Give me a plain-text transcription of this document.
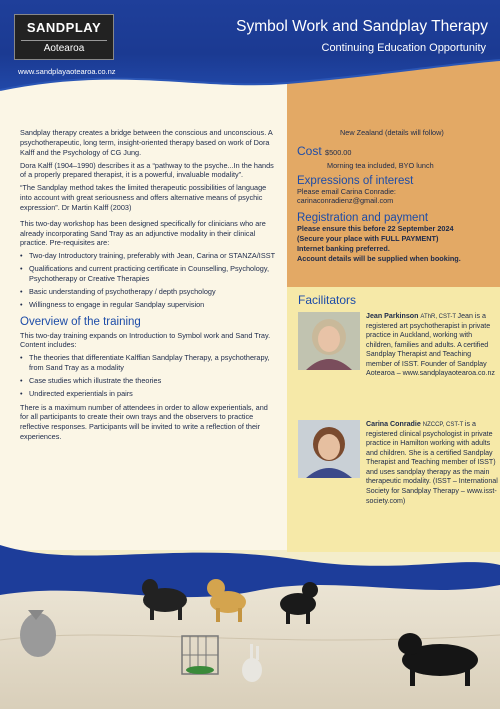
SANDPLAY
Aotearoa
www.sandplayaotearoa.co.nz
Symbol Work and Sandplay Therapy
Continuing Education Opportunity

Sandplay therapy creates a bridge between the conscious and unconscious. A psychotherapeutic, long term, insight-oriented therapy based on work of Dora Kalff and the Psychology of CG Jung.

Dora Kalff (1904–1990) describes it as a “pathway to the psyche...In the hands of a properly prepared therapist, it is a powerful, invaluable modality”.

“The Sandplay method takes the limited therapeutic possibilities of language into account with great seriousness and offers alternative means of psychic expression”. Dr Martin Kalff (2003)

This two-day workshop has been designed specifically for clinicians who are already incorporating Sand Tray as an adjunctive modality in their clinical practice. Pre-requisites are:

• Two-day Introductory training, preferably with Jean, Carina or STANZA/ISST
• Qualifications and current practicing certificate in Counselling, Psychology, Psychotherapy or Creative Therapies
• Basic understanding of psychotherapy / depth psychology
• Willingness to engage in regular Sandplay supervision
Overview of the training

This two-day training expands on Introduction to Symbol work and Sand Tray. Content includes:

• The theories that differentiate Kalffian Sandplay Therapy, a psychotherapy, from Sand Tray as a modality
• Case studies which illustrate the theories
• Undirected experientials in pairs

There is a maximum number of attendees in order to allow experientials, and for all participants to create their own trays and the observers to practice reflective responses. Participants will be invited to write a reflection of their experiences.

New Zealand (details will follow)
Cost $500.00
Morning tea included, BYO lunch
Expressions of interest
Please email Carina Conradie:
carinaconradienz@gmail.com
Registration and payment
Please ensure this before 22 September 2024
(Secure your place with FULL PAYMENT)
Internet banking preferred.
Account details will be supplied when booking.
Facilitators
Jean Parkinson AThR, CST-T Jean is a registered art psychotherapist in private practice in Auckland, working with children, families and adults. A certified Sandplay Therapist and Teaching member of ISST. Founder of Sandplay Aotearoa – www.sandplayaotearoa.co.nz
Carina Conradie NZCCP, CST-T is a registered clinical psychologist in private practice in Hamilton working with adults and children. She is a certified Sandplay Therapist and Teaching member of ISST) and uses sandplay therapy as the main therapeutic modality. (ISST – International Society for Sandplay Therapy – www.isst-society.com)
